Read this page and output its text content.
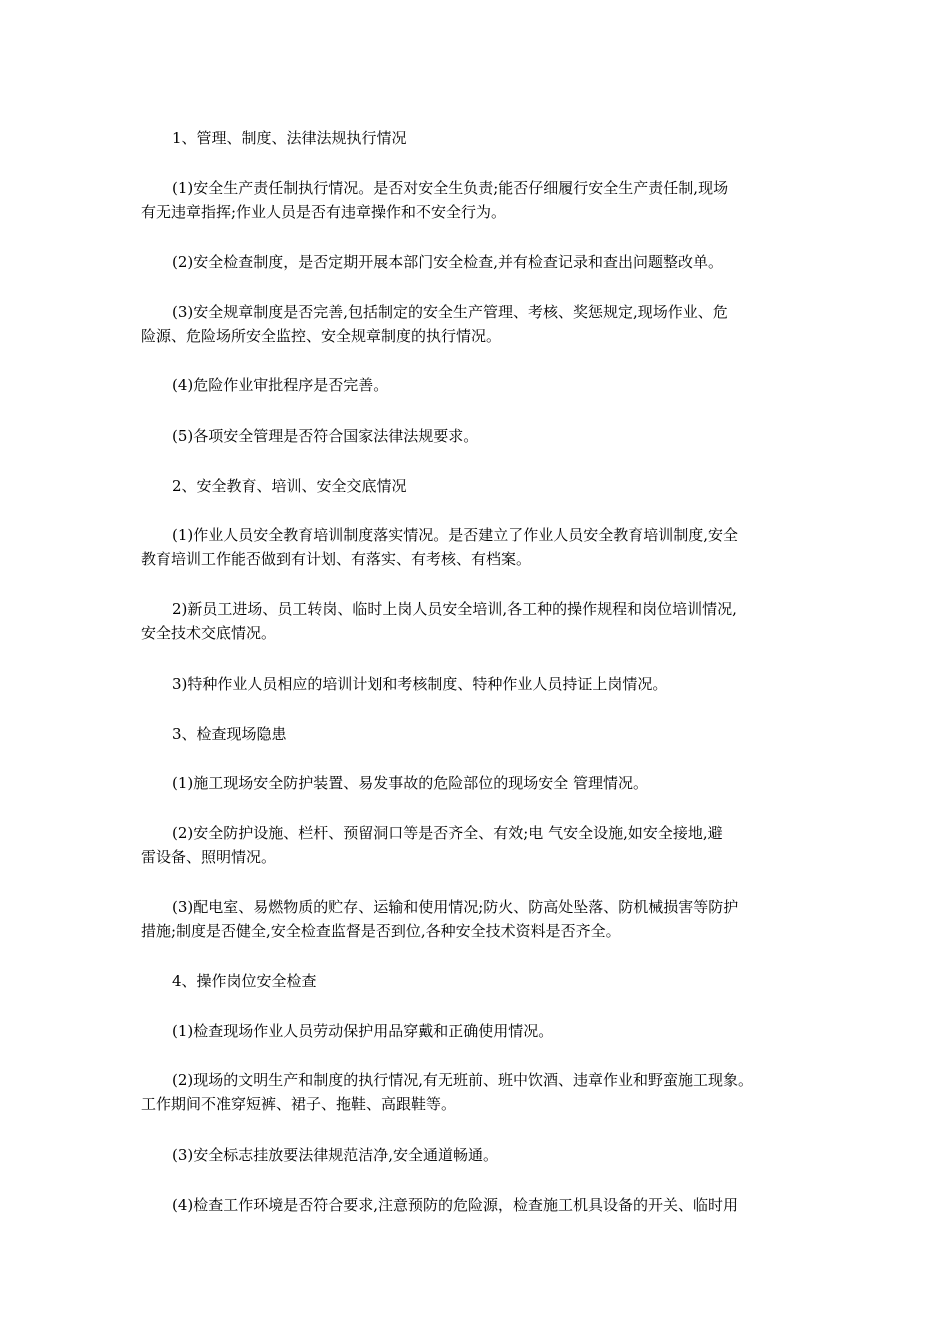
1、管理、制度、法律法规执行情况

(1)安全生产责任制执行情况。是否对安全生负责;能否仔细履行安全生产责任制,现场
有无违章指挥;作业人员是否有违章操作和不安全行为。

(2)安全检查制度，是否定期开展本部门安全检查,并有检查记录和查出问题整改单。

(3)安全规章制度是否完善,包括制定的安全生产管理、考核、奖惩规定,现场作业、危
险源、危险场所安全监控、安全规章制度的执行情况。

(4)危险作业审批程序是否完善。

(5)各项安全管理是否符合国家法律法规要求。

2、安全教育、培训、安全交底情况

(1)作业人员安全教育培训制度落实情况。是否建立了作业人员安全教育培训制度,安全
教育培训工作能否做到有计划、有落实、有考核、有档案。

2)新员工进场、员工转岗、临时上岗人员安全培训,各工种的操作规程和岗位培训情况,
安全技术交底情况。

3)特种作业人员相应的培训计划和考核制度、特种作业人员持证上岗情况。

3、检查现场隐患

(1)施工现场安全防护装置、易发事故的危险部位的现场安全 管理情况。

(2)安全防护设施、栏杆、预留洞口等是否齐全、有效;电 气安全设施,如安全接地,避
雷设备、照明情况。

(3)配电室、易燃物质的贮存、运输和使用情况;防火、防高处坠落、防机械损害等防护
措施;制度是否健全,安全检查监督是否到位,各种安全技术资料是否齐全。

4、操作岗位安全检查

(1)检查现场作业人员劳动保护用品穿戴和正确使用情况。

(2)现场的文明生产和制度的执行情况,有无班前、班中饮酒、违章作业和野蛮施工现象。
工作期间不准穿短裤、裙子、拖鞋、高跟鞋等。

(3)安全标志挂放要法律规范洁净,安全通道畅通。

(4)检查工作环境是否符合要求,注意预防的危险源，检查施工机具设备的开关、临时用
